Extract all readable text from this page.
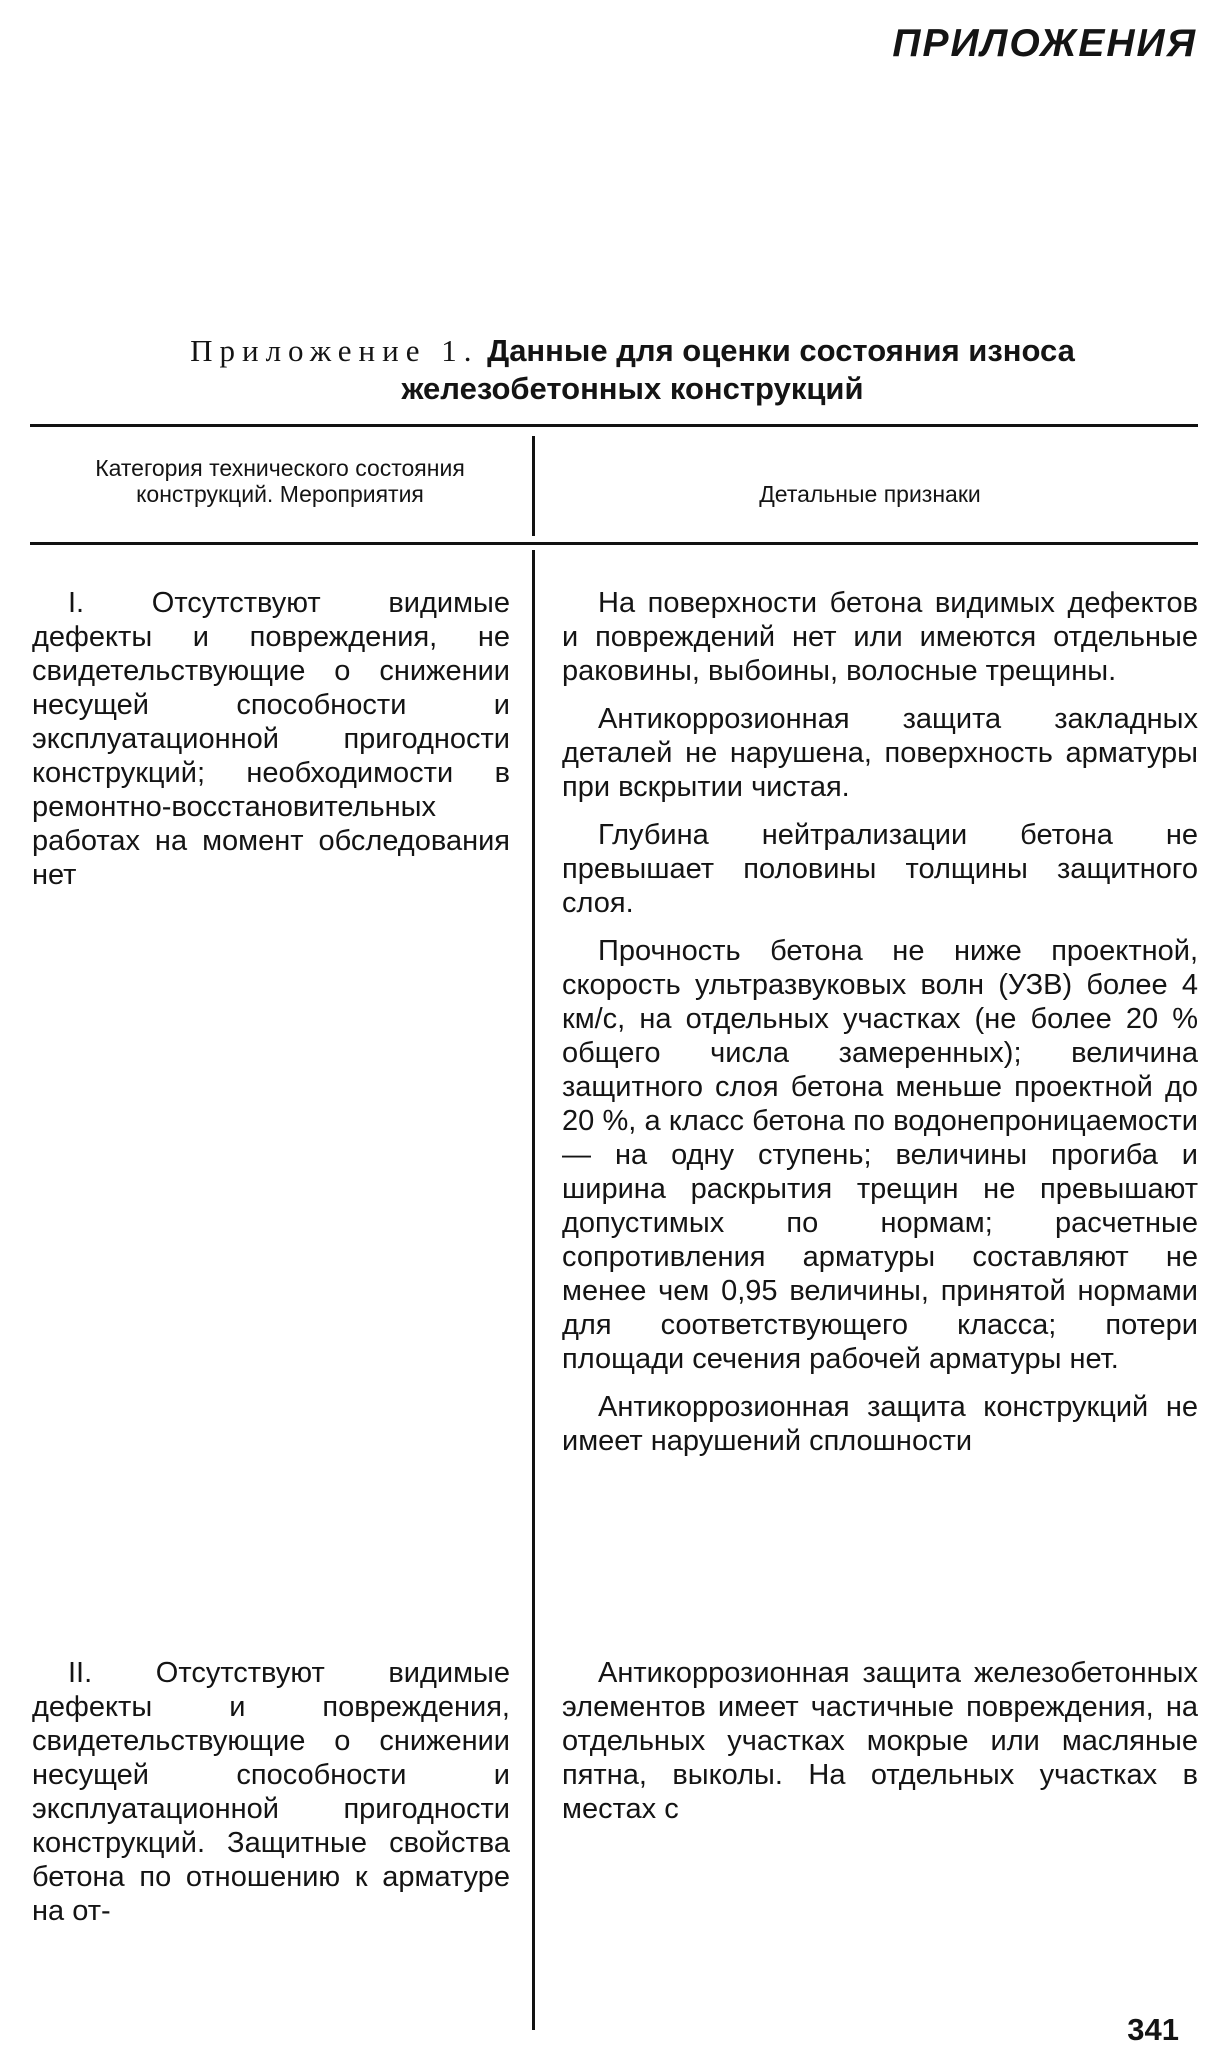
ПРИЛОЖЕНИЯ
Приложение 1. Данные для оценки состояния износа железобетонных конструкций
Категория технического состояния конструкций. Мероприятия	Детальные признаки

I. Отсутствуют видимые дефекты и повреждения, не свидетельствующие о снижении несущей способности и эксплуатационной пригодности конструкций; необходимости в ремонтно-восстановительных работах на момент обследования нет

На поверхности бетона видимых дефектов и повреждений нет или имеются отдельные раковины, выбоины, волосные трещины.

Антикоррозионная защита закладных деталей не нарушена, поверхность арматуры при вскрытии чистая.

Глубина нейтрализации бетона не превышает половины толщины защитного слоя.

Прочность бетона не ниже проектной, скорость ультразвуковых волн (УЗВ) более 4 км/с, на отдельных участках (не более 20 % общего числа замеренных); величина защитного слоя бетона меньше проектной до 20 %, а класс бетона по водонепроницаемости — на одну ступень; величины прогиба и ширина раскрытия трещин не превышают допустимых по нормам; расчетные сопротивления арматуры составляют не менее чем 0,95 величины, принятой нормами для соответствующего класса; потери площади сечения рабочей арматуры нет.

Антикоррозионная защита конструкций не имеет нарушений сплошности

II. Отсутствуют видимые дефекты и повреждения, свидетельствующие о снижении несущей способности и эксплуатационной пригодности конструкций. Защитные свойства бетона по отношению к арматуре на от-

Антикоррозионная защита железобетонных элементов имеет частичные повреждения, на отдельных участках мокрые или масляные пятна, выколы. На отдельных участках в местах с

341
